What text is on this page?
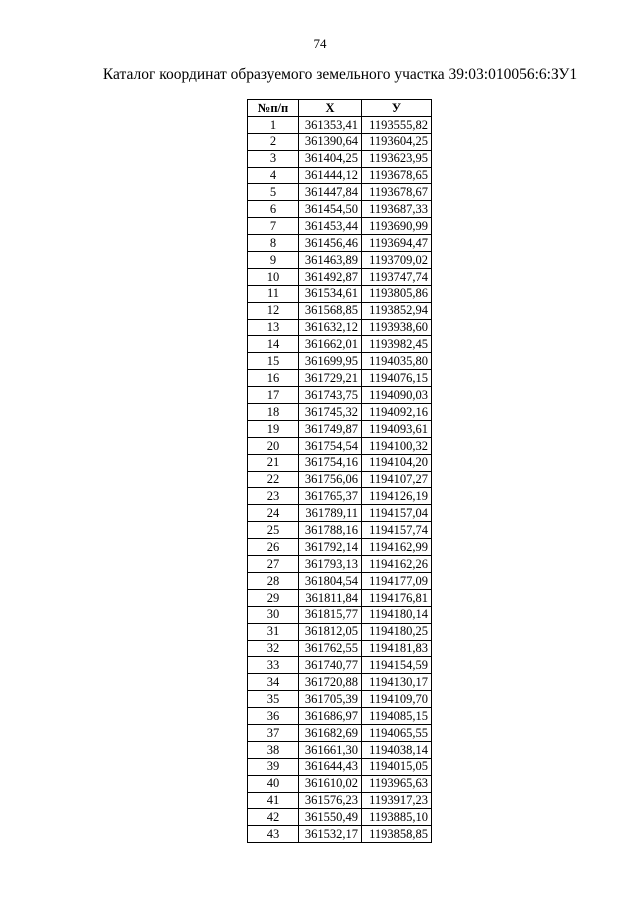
74
Каталог координат образуемого земельного участка 39:03:010056:6:ЗУ1
№п/п	Х	У
1	361353,41	1193555,82
2	361390,64	1193604,25
3	361404,25	1193623,95
4	361444,12	1193678,65
5	361447,84	1193678,67
6	361454,50	1193687,33
7	361453,44	1193690,99
8	361456,46	1193694,47
9	361463,89	1193709,02
10	361492,87	1193747,74
11	361534,61	1193805,86
12	361568,85	1193852,94
13	361632,12	1193938,60
14	361662,01	1193982,45
15	361699,95	1194035,80
16	361729,21	1194076,15
17	361743,75	1194090,03
18	361745,32	1194092,16
19	361749,87	1194093,61
20	361754,54	1194100,32
21	361754,16	1194104,20
22	361756,06	1194107,27
23	361765,37	1194126,19
24	361789,11	1194157,04
25	361788,16	1194157,74
26	361792,14	1194162,99
27	361793,13	1194162,26
28	361804,54	1194177,09
29	361811,84	1194176,81
30	361815,77	1194180,14
31	361812,05	1194180,25
32	361762,55	1194181,83
33	361740,77	1194154,59
34	361720,88	1194130,17
35	361705,39	1194109,70
36	361686,97	1194085,15
37	361682,69	1194065,55
38	361661,30	1194038,14
39	361644,43	1194015,05
40	361610,02	1193965,63
41	361576,23	1193917,23
42	361550,49	1193885,10
43	361532,17	1193858,85
